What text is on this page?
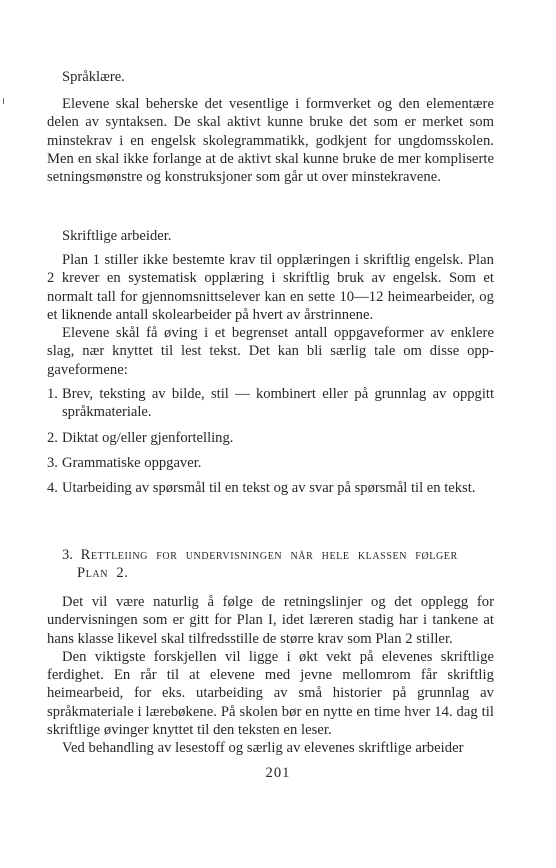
Språklære.

Elevene skal beherske det vesentlige i formverket og den elementære delen av syntaksen. De skal aktivt kunne bruke det som er merket som minstekrav i en engelsk skolegrammatikk, godkjent for ungdomsskolen. Men en skal ikke forlange at de aktivt skal kunne bruke de mer kompliserte setningsmønstre og konstruksjoner som går ut over minstekravene.

Skriftlige arbeider.

Plan 1 stiller ikke bestemte krav til opplæringen i skriftlig engelsk. Plan 2 krever en systematisk opplæring i skriftlig bruk av engelsk. Som et normalt tall for gjennomsnittselever kan en sette 10—12 heimearbeider, og et liknende antall skolearbeider på hvert av årstrinnene.

Elevene skål få øving i et begrenset antall oppgaveformer av enklere slag, nær knyttet til lest tekst. Det kan bli særlig tale om disse oppgaveformene:

1. Brev, teksting av bilde, stil — kombinert eller på grunnlag av oppgitt språkmateriale.
2. Diktat og/eller gjenfortelling.
3. Grammatiske oppgaver.
4. Utarbeiding av spørsmål til en tekst og av svar på spørsmål til en tekst.
3. Rettleiing for undervisningen når hele klassen følger
Plan 2.

Det vil være naturlig å følge de retningslinjer og det opplegg for undervisningen som er gitt for Plan I, idet læreren stadig har i tankene at hans klasse likevel skal tilfredsstille de større krav som Plan 2 stiller.

Den viktigste forskjellen vil ligge i økt vekt på elevenes skriftlige ferdighet. En rår til at elevene med jevne mellomrom får skriftlig heimearbeid, for eks. utarbeiding av små historier på grunnlag av språkmateriale i lærebøkene. På skolen bør en nytte en time hver 14. dag til skriftlige øvinger knyttet til den teksten en leser.

Ved behandling av lesestoff og særlig av elevenes skriftlige arbeider

201
